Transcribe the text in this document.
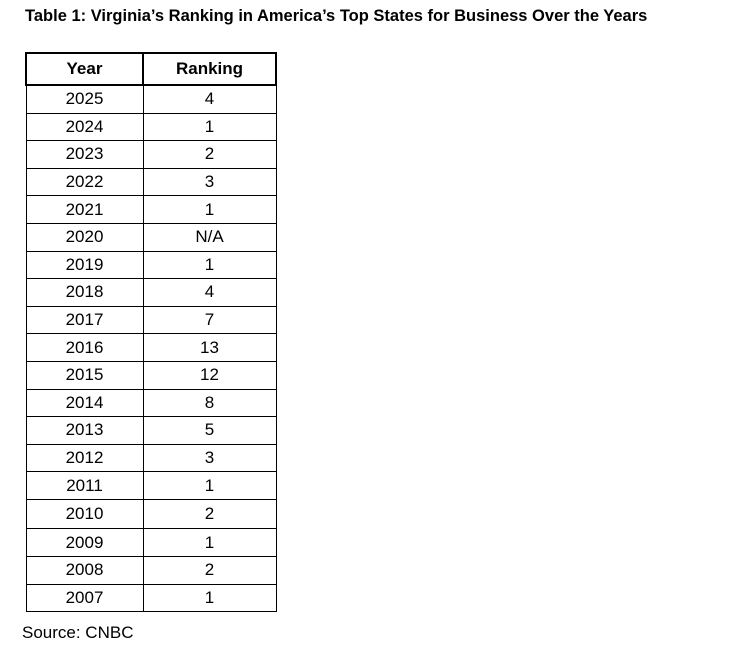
Table 1: Virginia’s Ranking in America’s Top States for Business Over the Years
Year	Ranking
2025	4
2024	1
2023	2
2022	3
2021	1
2020	N/A
2019	1
2018	4
2017	7
2016	13
2015	12
2014	8
2013	5
2012	3
2011	1
2010	2
2009	1
2008	2
2007	1
Source: CNBC
